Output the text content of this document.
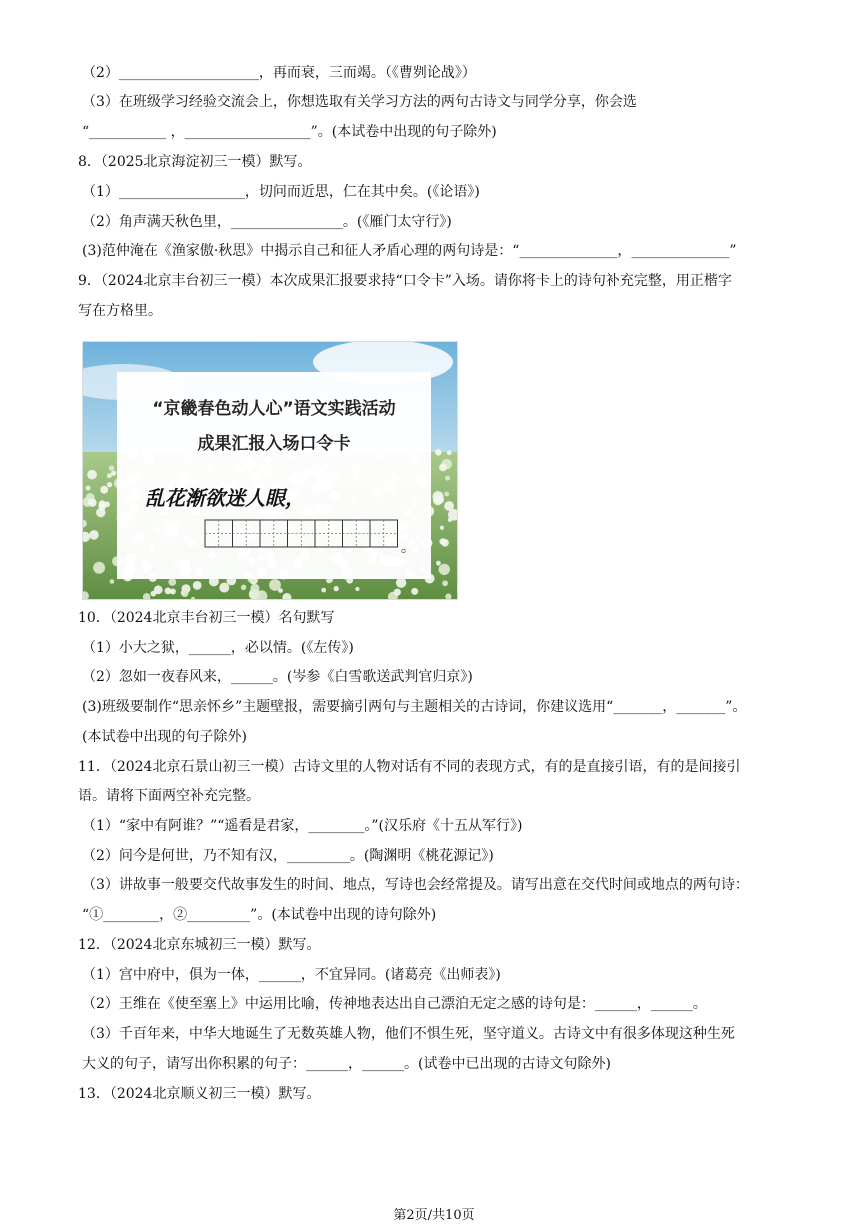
（2）____________________，再而衰，三而竭。（《曹刿论战》）
（3）在班级学习经验交流会上，你想选取有关学习方法的两句古诗文与同学分享，你会选
“___________ ，__________________”。(本试卷中出现的句子除外)
8．（2025北京海淀初三一模）默写。
（1）__________________，切问而近思，仁在其中矣。(《论语》)
（2）角声满天秋色里，________________。(《雁门太守行》)
(3)范仲淹在《渔家傲·秋思》中揭示自己和征人矛盾心理的两句诗是：“______________，______________”
9．（2024北京丰台初三一模）本次成果汇报要求持“口令卡”入场。请你将卡上的诗句补充完整，用正楷字
写在方格里。
10．（2024北京丰台初三一模）名句默写
（1）小大之狱，______，必以情。(《左传》)
（2）忽如一夜春风来，______。(岑参《白雪歌送武判官归京》)
(3)班级要制作“思亲怀乡”主题壁报，需要摘引两句与主题相关的古诗词，你建议选用“_______，_______”。
(本试卷中出现的句子除外)
11．（2024北京石景山初三一模）古诗文里的人物对话有不同的表现方式，有的是直接引语，有的是间接引
语。请将下面两空补充完整。
（1）“家中有阿谁？”“遥看是君家，________。”(汉乐府《十五从军行》)
（2）问今是何世，乃不知有汉，_________。(陶渊明《桃花源记》)
（3）讲故事一般要交代故事发生的时间、地点，写诗也会经常提及。请写出意在交代时间或地点的两句诗：
“①________，②_________”。(本试卷中出现的诗句除外)
12．（2024北京东城初三一模）默写。
（1）宫中府中，俱为一体，______，不宜异同。(诸葛亮《出师表》)
（2）王维在《使至塞上》中运用比喻，传神地表达出自己漂泊无定之感的诗句是：______，______。
（3）千百年来，中华大地诞生了无数英雄人物，他们不惧生死，坚守道义。古诗文中有很多体现这种生死
大义的句子，请写出你积累的句子：______，______。(试卷中已出现的古诗文句除外)
13．（2024北京顺义初三一模）默写。
“京畿春色动人心”语文实践活动
成果汇报入场口令卡
乱花渐欲迷人眼，
。
第2页/共10页
